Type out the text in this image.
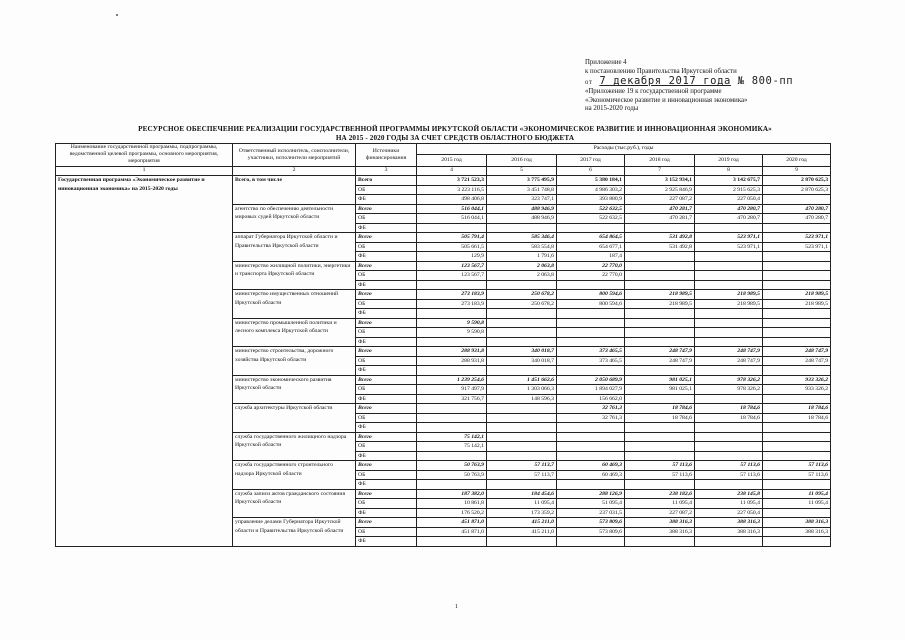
Приложение 4
к постановлению Правительства Иркутской области
от 7 декабря 2017 года № 800-пп
«Приложение 19 к государственной программе
«Экономическое развитие и инновационная экономика»
на 2015-2020 годы
РЕСУРСНОЕ ОБЕСПЕЧЕНИЕ РЕАЛИЗАЦИИ ГОСУДАРСТВЕННОЙ ПРОГРАММЫ ИРКУТСКОЙ ОБЛАСТИ «ЭКОНОМИЧЕСКОЕ РАЗВИТИЕ И ИННОВАЦИОННАЯ ЭКОНОМИКА»
НА 2015 - 2020 ГОДЫ ЗА СЧЕТ СРЕДСТВ ОБЛАСТНОГО БЮДЖЕТА
Наименование государственной программы, подпрограммы, ведомственной целевой программы, основного мероприятия, мероприятия	Ответственный исполнитель, соисполнители, участники, исполнители мероприятий	Источники финансирования	Расходы (тыс.руб.), годы					
			2015 год	2016 год	2017 год	2018 год	2019 год	2020 год
1	2	3	4	5	6	7	8	9
Государственная программа «Экономическое развитие и инновационная экономика» на 2015-2020 годы	Всего, в том числе	Всего	3 721 523,3	3 775 495,9	5 380 184,1	3 152 934,1	3 142 675,7	2 870 625,3
		ОБ	3 223 116,5	3 451 748,8	4 986 303,2	2 925 846,9	2 915 625,3	2 870 625,3
		ФБ	498 406,8	323 747,1	393 880,9	227 087,2	227 050,4	
	агентство по обеспечению деятельности мировых судей Иркутской области	Всего	516 044,1	488 946,9	522 632,5	470 281,7	470 280,7	470 280,7
		ОБ	516 044,1	488 946,9	522 632,5	470 281,7	470 280,7	470 280,7
		ФБ						
	аппарат Губернатора Иркутской области и Правительства Иркутской области	Всего	505 791,4	585 346,4	654 864,5	531 492,8	523 971,1	523 971,1
		ОБ	505 661,5	583 554,8	654 677,1	531 492,8	523 971,1	523 971,1
		ФБ	129,9	1 791,6	187,4			
	министерство жилищной политики, энергетики и транспорта Иркутской области	Всего	123 567,7	2 063,8	22 770,0			
		ОБ	123 567,7	2 063,8	22 770,0			
		ФБ						
	министерство имущественных отношений Иркутской области	Всего	273 183,9	250 678,2	800 594,6	218 989,5	218 989,5	218 989,5
		ОБ	273 183,9	250 678,2	800 594,6	218 989,5	218 989,5	218 989,5
		ФБ						
	министерство промышленной политики и лесного комплекса Иркутской области	Всего	9 590,8					
		ОБ	9 590,8					
		ФБ						
	министерство строительства, дорожного хозяйства Иркутской области	Всего	288 931,8	340 018,7	373 465,5	248 747,9	248 747,9	248 747,9
		ОБ	288 931,8	340 018,7	373 465,5	248 747,9	248 747,9	248 747,9
		ФБ						
	министерство экономического развития Иркутской области	Всего	1 239 254,6	1 451 662,6	2 050 689,9	981 025,1	978 326,2	933 326,2
		ОБ	917 497,9	1 303 066,3	1 894 027,9	981 025,1	978 326,2	933 326,2
		ФБ	321 756,7	148 596,3	156 662,0			
	служба архитектуры Иркутской области	Всего			32 761,3	18 784,6	18 784,6	18 784,6
		ОБ			32 761,3	18 784,6	18 784,6	18 784,6
		ФБ						
	служба государственного жилищного надзора Иркутской области	Всего	75 142,1					
		ОБ	75 142,1					
		ФБ						
	служба государственного строительного надзора Иркутской области	Всего	50 763,9	57 113,7	60 469,3	57 113,6	57 113,6	57 113,6
		ОБ	50 763,9	57 113,7	60 469,3	57 113,6	57 113,6	57 113,6
		ФБ						
	служба записи актов гражданского состояния Иркутской области	Всего	187 382,0	184 454,6	288 126,9	238 182,6	238 145,8	11 095,4
		ОБ	10 861,8	11 095,4	51 095,4	11 095,4	11 095,4	11 095,4
		ФБ	176 520,2	173 359,2	237 031,5	227 087,2	227 050,4	
	управление делами Губернатора Иркутской области и Правительства Иркутской области	Всего	451 871,0	415 211,0	573 809,6	388 316,3	388 316,3	388 316,3
		ОБ	451 871,0	415 211,0	573 809,6	388 316,3	388 316,3	388 316,3
		ФБ						
1
